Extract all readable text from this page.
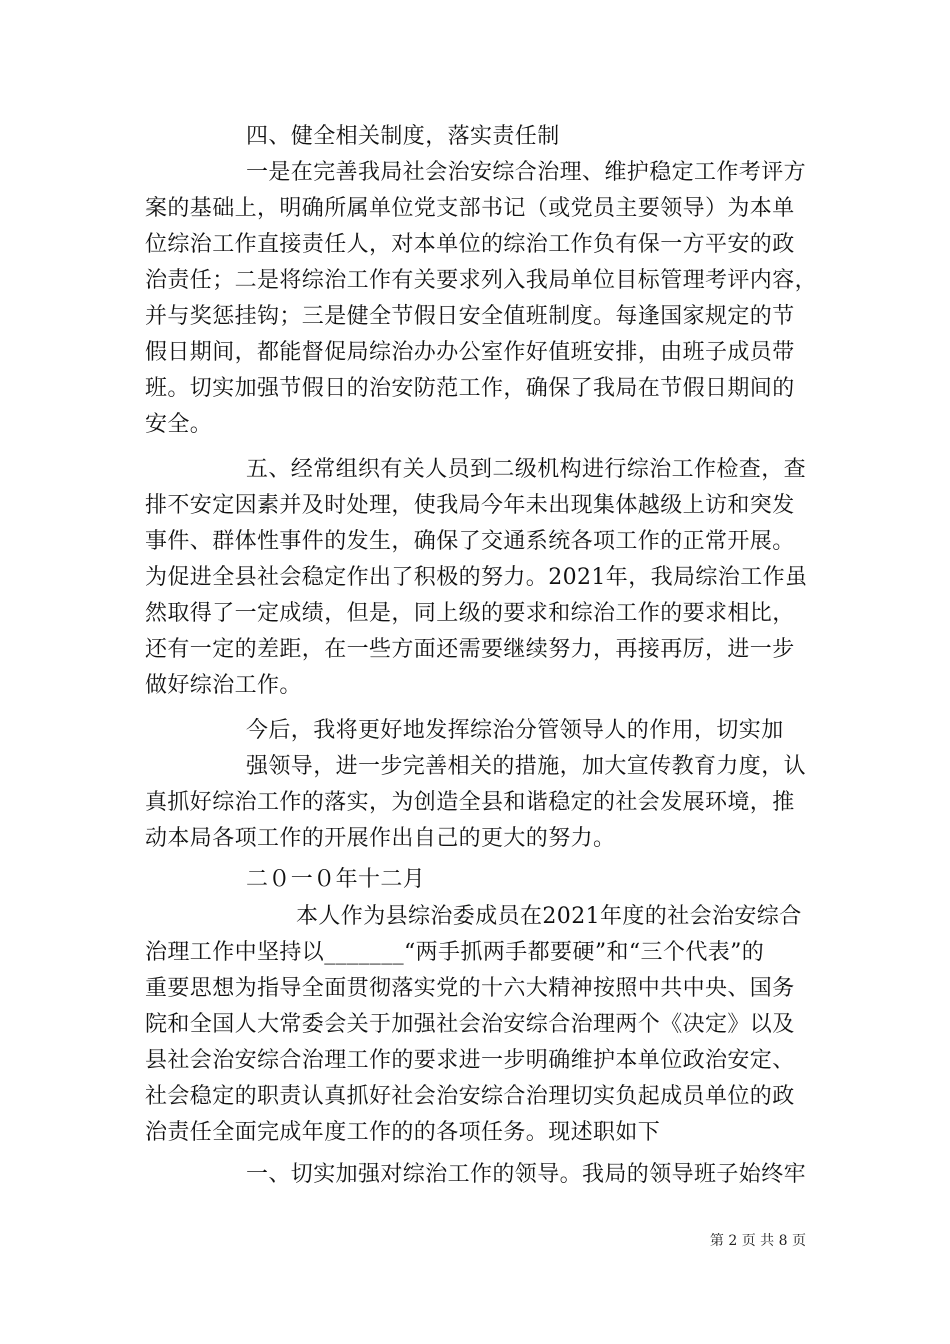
四、健全相关制度，落实责任制
一是在完善我局社会治安综合治理、维护稳定工作考评方
案的基础上，明确所属单位党支部书记（或党员主要领导）为本单
位综治工作直接责任人，对本单位的综治工作负有保一方平安的政
治责任；二是将综治工作有关要求列入我局单位目标管理考评内容，
并与奖惩挂钩；三是健全节假日安全值班制度。每逢国家规定的节
假日期间，都能督促局综治办办公室作好值班安排，由班子成员带
班。切实加强节假日的治安防范工作，确保了我局在节假日期间的
安全。
五、经常组织有关人员到二级机构进行综治工作检查，查
排不安定因素并及时处理，使我局今年未出现集体越级上访和突发
事件、群体性事件的发生，确保了交通系统各项工作的正常开展。
为促进全县社会稳定作出了积极的努力。2021年，我局综治工作虽
然取得了一定成绩，但是，同上级的要求和综治工作的要求相比，
还有一定的差距，在一些方面还需要继续努力，再接再厉，进一步
做好综治工作。
今后，我将更好地发挥综治分管领导人的作用，切实加
强领导，进一步完善相关的措施，加大宣传教育力度，认
真抓好综治工作的落实，为创造全县和谐稳定的社会发展环境，推
动本局各项工作的开展作出自己的更大的努力。
二０一０年十二月
本人作为县综治委成员在2021年度的社会治安综合
治理工作中坚持以_______“两手抓两手都要硬”和“三个代表”的
重要思想为指导全面贯彻落实党的十六大精神按照中共中央、国务
院和全国人大常委会关于加强社会治安综合治理两个《决定》以及
县社会治安综合治理工作的要求进一步明确维护本单位政治安定、
社会稳定的职责认真抓好社会治安综合治理切实负起成员单位的政
治责任全面完成年度工作的的各项任务。现述职如下
一、切实加强对综治工作的领导。我局的领导班子始终牢
第 2 页 共 8 页
